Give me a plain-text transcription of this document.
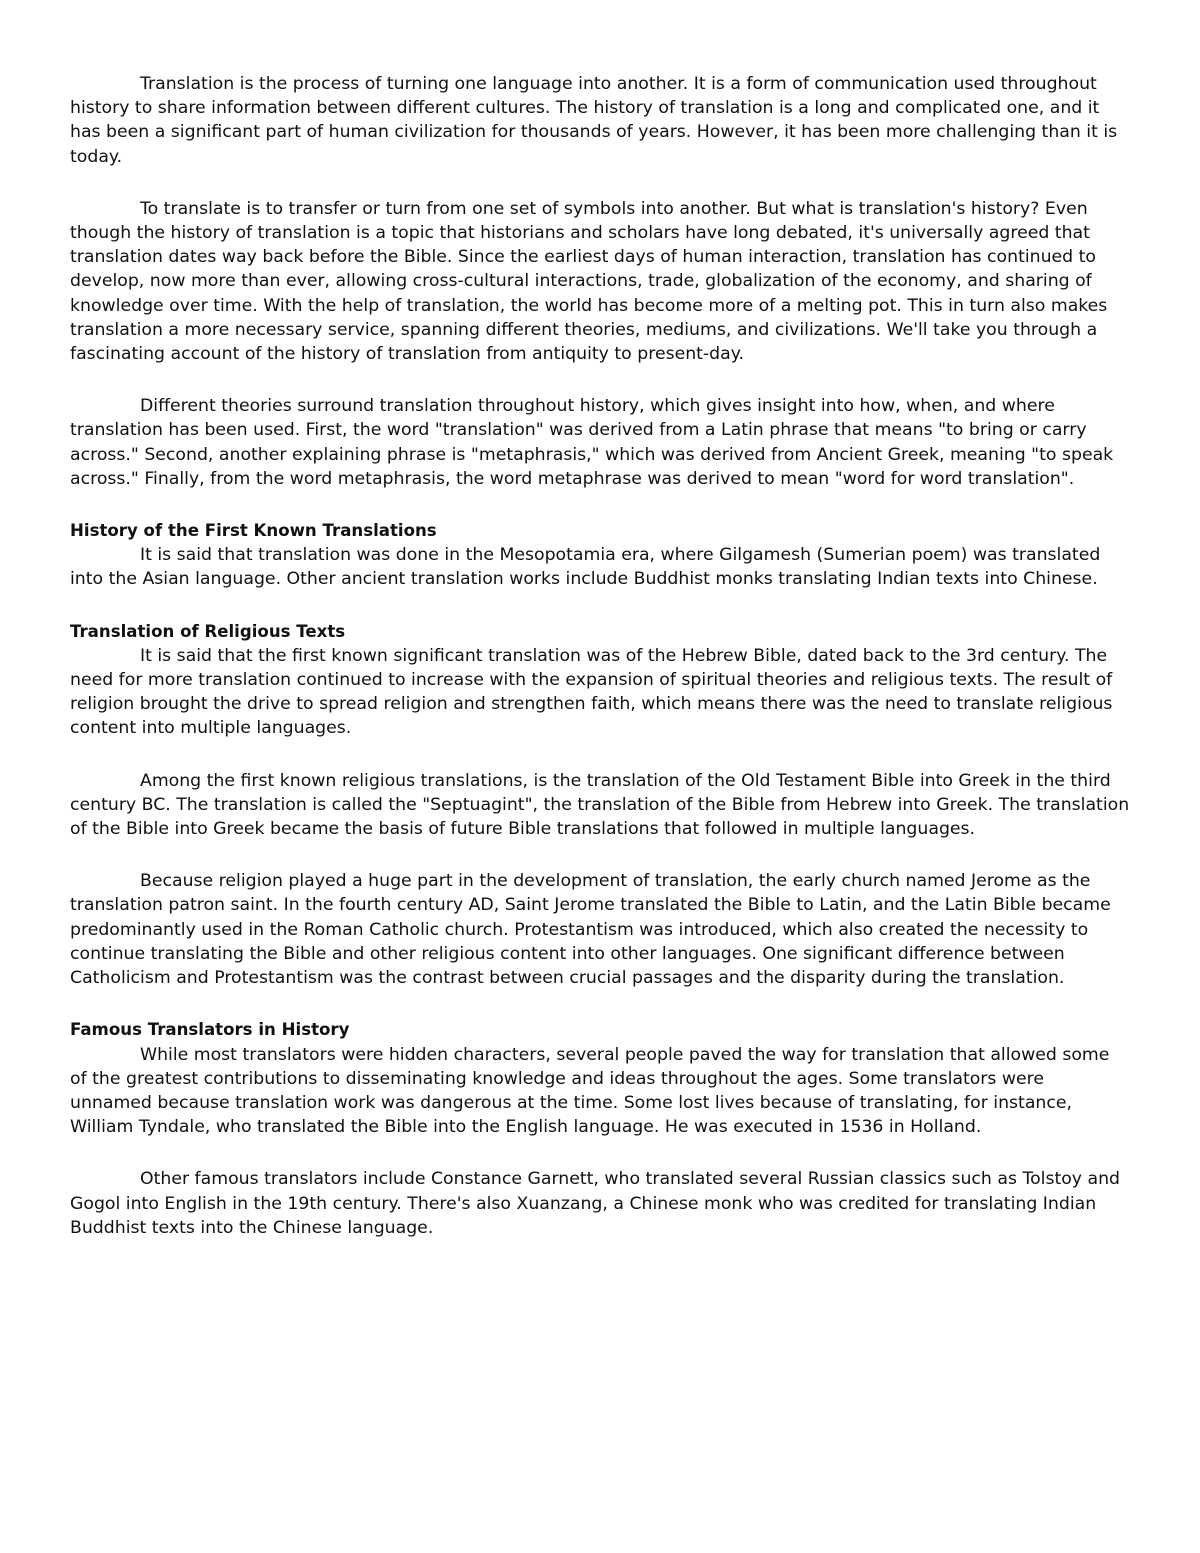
Translation is the process of turning one language into another. It is a form of communication used throughout history to share information between different cultures. The history of translation is a long and complicated one, and it has been a significant part of human civilization for thousands of years. However, it has been more challenging than it is today.

To translate is to transfer or turn from one set of symbols into another. But what is translation's history? Even though the history of translation is a topic that historians and scholars have long debated, it's universally agreed that translation dates way back before the Bible. Since the earliest days of human interaction, translation has continued to develop, now more than ever, allowing cross-cultural interactions, trade, globalization of the economy, and sharing of knowledge over time. With the help of translation, the world has become more of a melting pot. This in turn also makes translation a more necessary service, spanning different theories, mediums, and civilizations. We'll take you through a fascinating account of the history of translation from antiquity to present-day.

Different theories surround translation throughout history, which gives insight into how, when, and where translation has been used. First, the word "translation" was derived from a Latin phrase that means "to bring or carry across." Second, another explaining phrase is "metaphrasis," which was derived from Ancient Greek, meaning "to speak across." Finally, from the word metaphrasis, the word metaphrase was derived to mean "word for word translation".

History of the First Known Translations

It is said that translation was done in the Mesopotamia era, where Gilgamesh (Sumerian poem) was translated into the Asian language. Other ancient translation works include Buddhist monks translating Indian texts into Chinese.

Translation of Religious Texts

It is said that the first known significant translation was of the Hebrew Bible, dated back to the 3rd century. The need for more translation continued to increase with the expansion of spiritual theories and religious texts. The result of religion brought the drive to spread religion and strengthen faith, which means there was the need to translate religious content into multiple languages.

Among the first known religious translations, is the translation of the Old Testament Bible into Greek in the third century BC. The translation is called the "Septuagint", the translation of the Bible from Hebrew into Greek. The translation of the Bible into Greek became the basis of future Bible translations that followed in multiple languages.

Because religion played a huge part in the development of translation, the early church named Jerome as the translation patron saint. In the fourth century AD, Saint Jerome translated the Bible to Latin, and the Latin Bible became predominantly used in the Roman Catholic church. Protestantism was introduced, which also created the necessity to continue translating the Bible and other religious content into other languages. One significant difference between Catholicism and Protestantism was the contrast between crucial passages and the disparity during the translation.

Famous Translators in History

While most translators were hidden characters, several people paved the way for translation that allowed some of the greatest contributions to disseminating knowledge and ideas throughout the ages. Some translators were unnamed because translation work was dangerous at the time. Some lost lives because of translating, for instance, William Tyndale, who translated the Bible into the English language. He was executed in 1536 in Holland.

Other famous translators include Constance Garnett, who translated several Russian classics such as Tolstoy and Gogol into English in the 19th century. There's also Xuanzang, a Chinese monk who was credited for translating Indian Buddhist texts into the Chinese language.
